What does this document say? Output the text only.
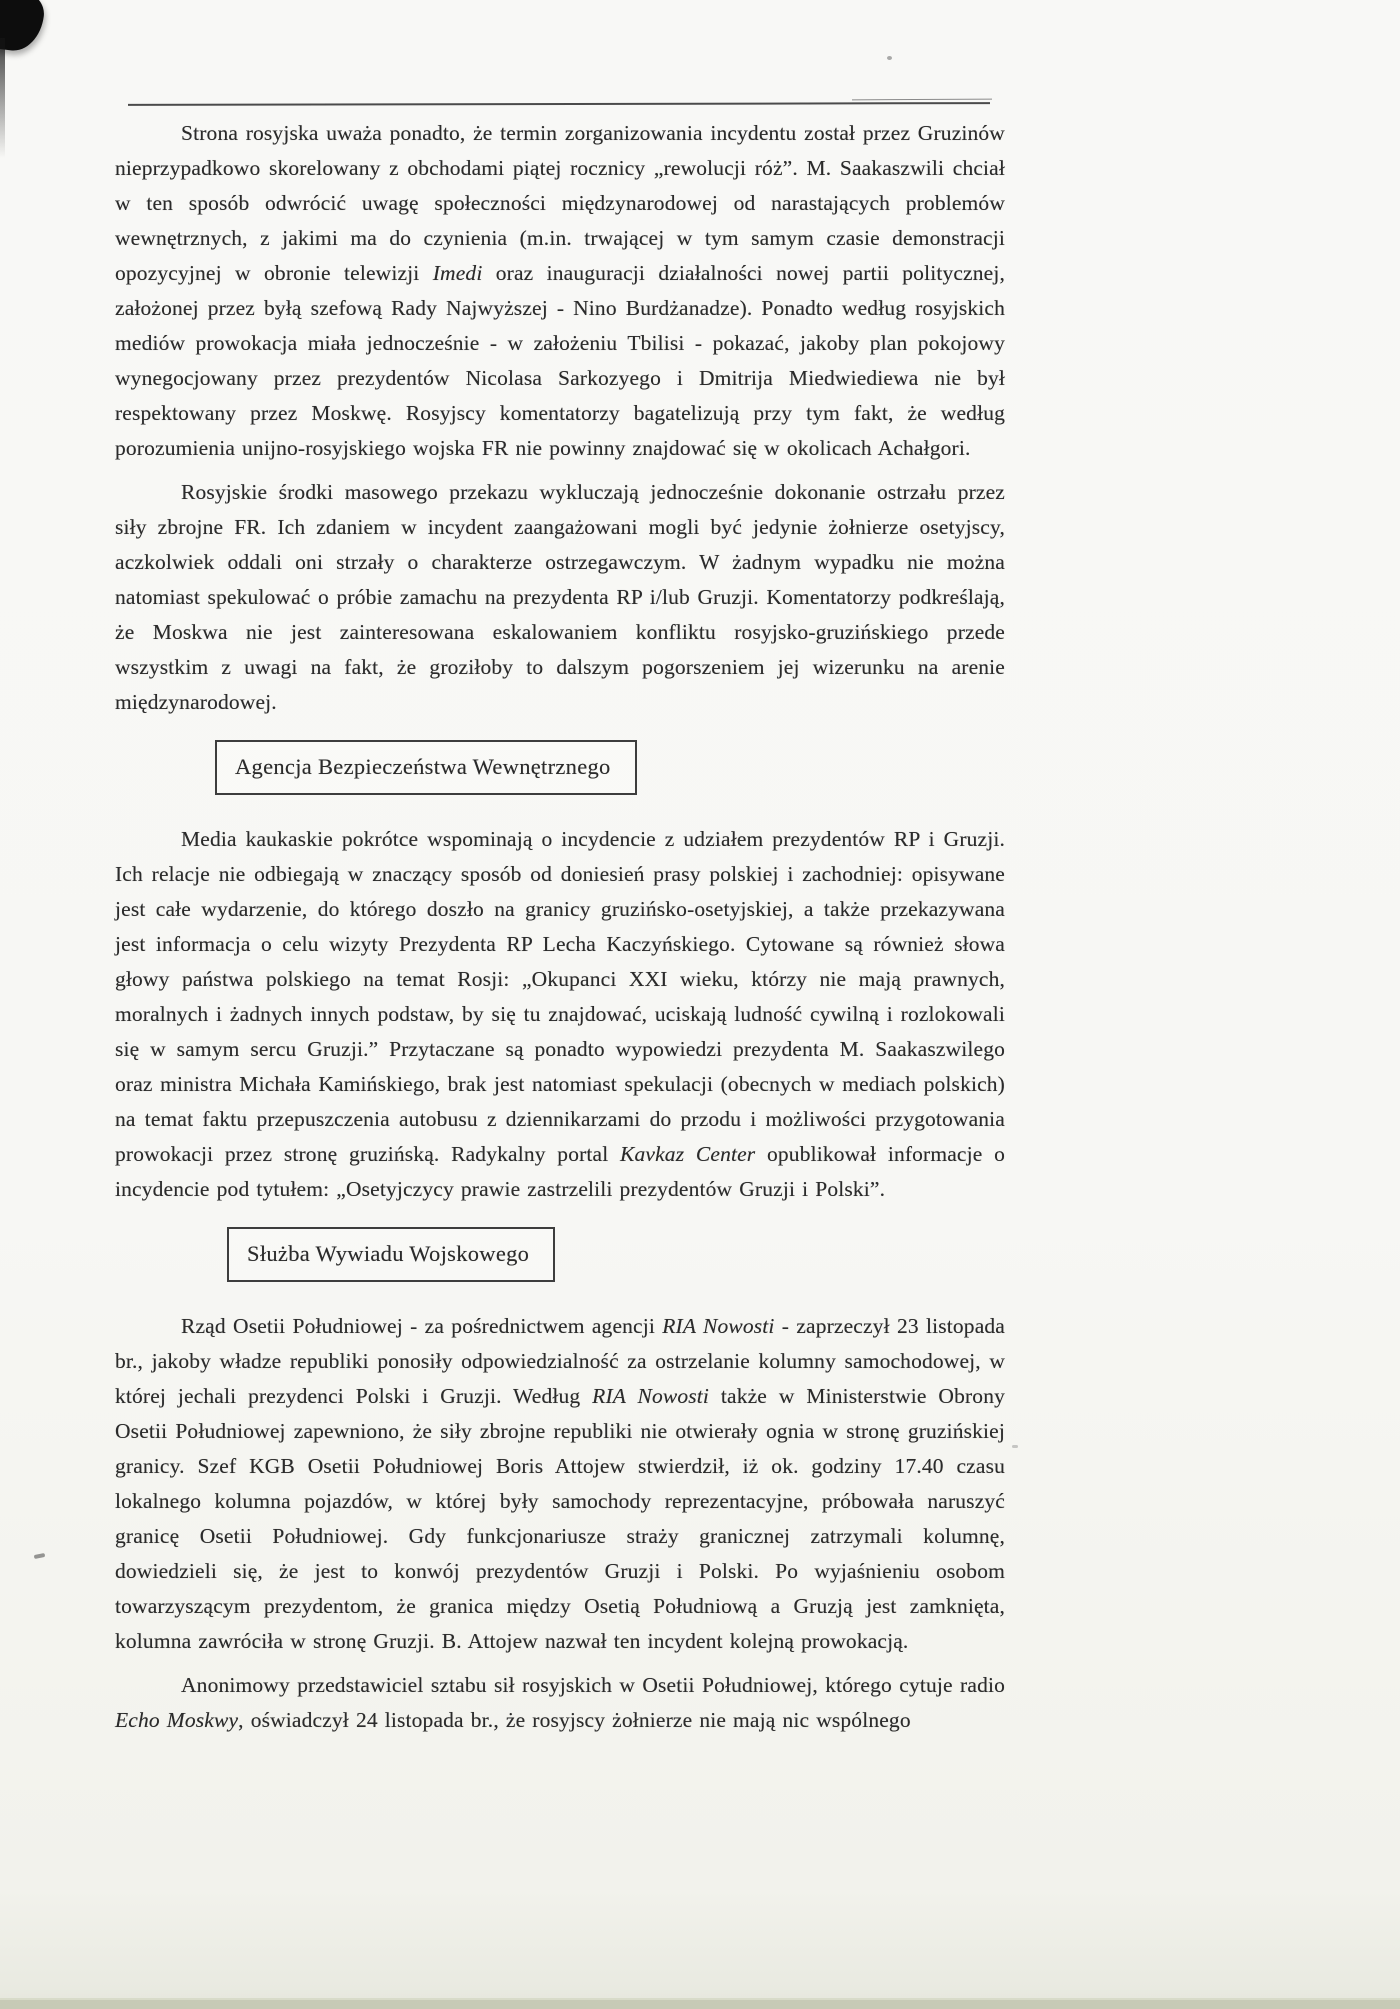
Strona rosyjska uważa ponadto, że termin zorganizowania incydentu został przez Gruzinów nieprzypadkowo skorelowany z obchodami piątej rocznicy „rewolucji róż”. M. Saakaszwili chciał w ten sposób odwrócić uwagę społeczności międzynarodowej od narastających problemów wewnętrznych, z jakimi ma do czynienia (m.in. trwającej w tym samym czasie demonstracji opozycyjnej w obronie telewizji Imedi oraz inauguracji działalności nowej partii politycznej, założonej przez byłą szefową Rady Najwyższej - Nino Burdżanadze). Ponadto według rosyjskich mediów prowokacja miała jednocześnie - w założeniu Tbilisi - pokazać, jakoby plan pokojowy wynegocjowany przez prezydentów Nicolasa Sarkozyego i Dmitrija Miedwiediewa nie był respektowany przez Moskwę. Rosyjscy komentatorzy bagatelizują przy tym fakt, że według porozumienia unijno-rosyjskiego wojska FR nie powinny znajdować się w okolicach Achałgori.

Rosyjskie środki masowego przekazu wykluczają jednocześnie dokonanie ostrzału przez siły zbrojne FR. Ich zdaniem w incydent zaangażowani mogli być jedynie żołnierze osetyjscy, aczkolwiek oddali oni strzały o charakterze ostrzegawczym. W żadnym wypadku nie można natomiast spekulować o próbie zamachu na prezydenta RP i/lub Gruzji. Komentatorzy podkreślają, że Moskwa nie jest zainteresowana eskalowaniem konfliktu rosyjsko-gruzińskiego przede wszystkim z uwagi na fakt, że groziłoby to dalszym pogorszeniem jej wizerunku na arenie międzynarodowej.

Agencja Bezpieczeństwa Wewnętrznego

Media kaukaskie pokrótce wspominają o incydencie z udziałem prezydentów RP i Gruzji. Ich relacje nie odbiegają w znaczący sposób od doniesień prasy polskiej i zachodniej: opisywane jest całe wydarzenie, do którego doszło na granicy gruzińsko-osetyjskiej, a także przekazywana jest informacja o celu wizyty Prezydenta RP Lecha Kaczyńskiego. Cytowane są również słowa głowy państwa polskiego na temat Rosji: „Okupanci XXI wieku, którzy nie mają prawnych, moralnych i żadnych innych podstaw, by się tu znajdować, uciskają ludność cywilną i rozlokowali się w samym sercu Gruzji.” Przytaczane są ponadto wypowiedzi prezydenta M. Saakaszwilego oraz ministra Michała Kamińskiego, brak jest natomiast spekulacji (obecnych w mediach polskich) na temat faktu przepuszczenia autobusu z dziennikarzami do przodu i możliwości przygotowania prowokacji przez stronę gruzińską. Radykalny portal Kavkaz Center opublikował informacje o incydencie pod tytułem: „Osetyjczycy prawie zastrzelili prezydentów Gruzji i Polski”.

Służba Wywiadu Wojskowego

Rząd Osetii Południowej - za pośrednictwem agencji RIA Nowosti - zaprzeczył 23 listopada br., jakoby władze republiki ponosiły odpowiedzialność za ostrzelanie kolumny samochodowej, w której jechali prezydenci Polski i Gruzji. Według RIA Nowosti także w Ministerstwie Obrony Osetii Południowej zapewniono, że siły zbrojne republiki nie otwierały ognia w stronę gruzińskiej granicy. Szef KGB Osetii Południowej Boris Attojew stwierdził, iż ok. godziny 17.40 czasu lokalnego kolumna pojazdów, w której były samochody reprezentacyjne, próbowała naruszyć granicę Osetii Południowej. Gdy funkcjonariusze straży granicznej zatrzymali kolumnę, dowiedzieli się, że jest to konwój prezydentów Gruzji i Polski. Po wyjaśnieniu osobom towarzyszącym prezydentom, że granica między Osetią Południową a Gruzją jest zamknięta, kolumna zawróciła w stronę Gruzji. B. Attojew nazwał ten incydent kolejną prowokacją.

Anonimowy przedstawiciel sztabu sił rosyjskich w Osetii Południowej, którego cytuje radio Echo Moskwy, oświadczył 24 listopada br., że rosyjscy żołnierze nie mają nic wspólnego
